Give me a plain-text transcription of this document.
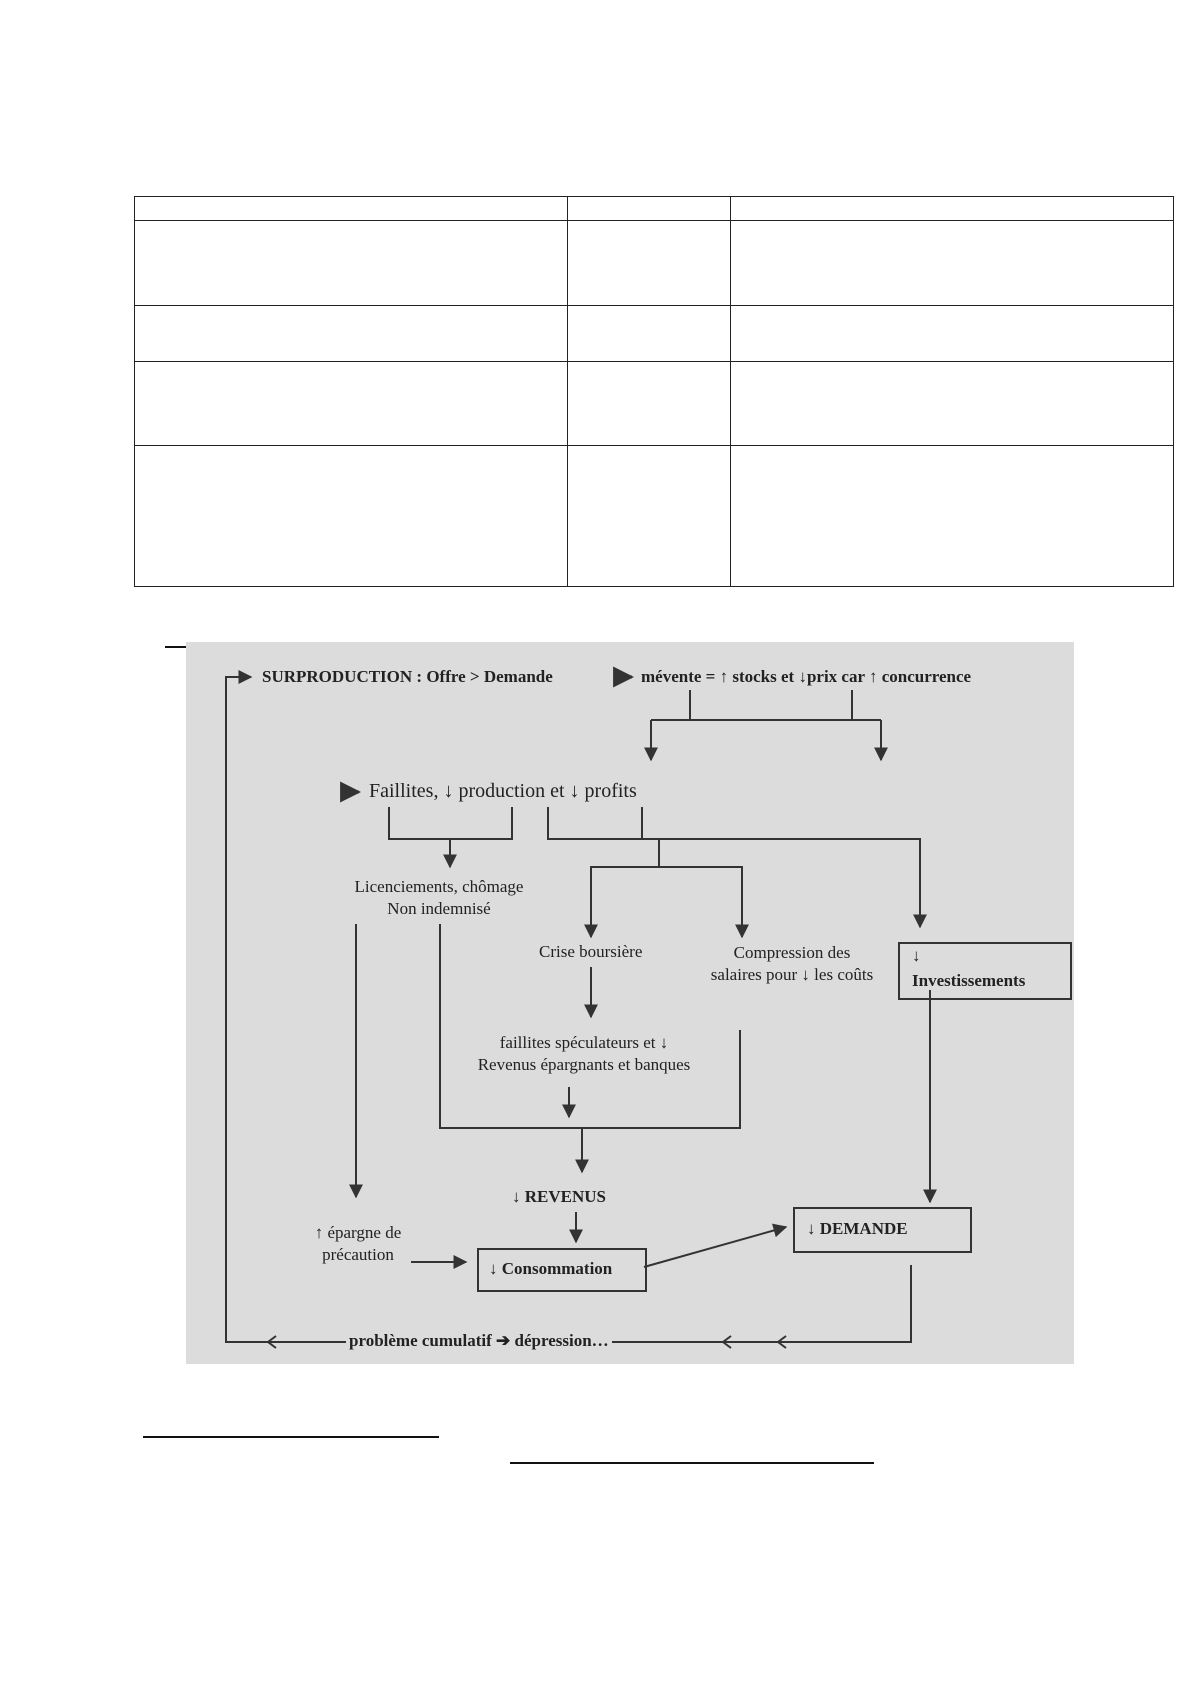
SURPRODUCTION : Offre > Demande	mévente = ↑ stocks et ↓prix car ↑ concurrence
Faillites, ↓ production et ↓ profits
Licenciements, chômage
Non indemnisé
Crise boursière	Compression des
salaires pour ↓ les coûts
↓
Investissements
faillites spéculateurs et ↓
Revenus épargnants et banques
↓ REVENUS
↑ épargne de
précaution
↓ Consommation
↓ DEMANDE
problème cumulatif ➔ dépression…
